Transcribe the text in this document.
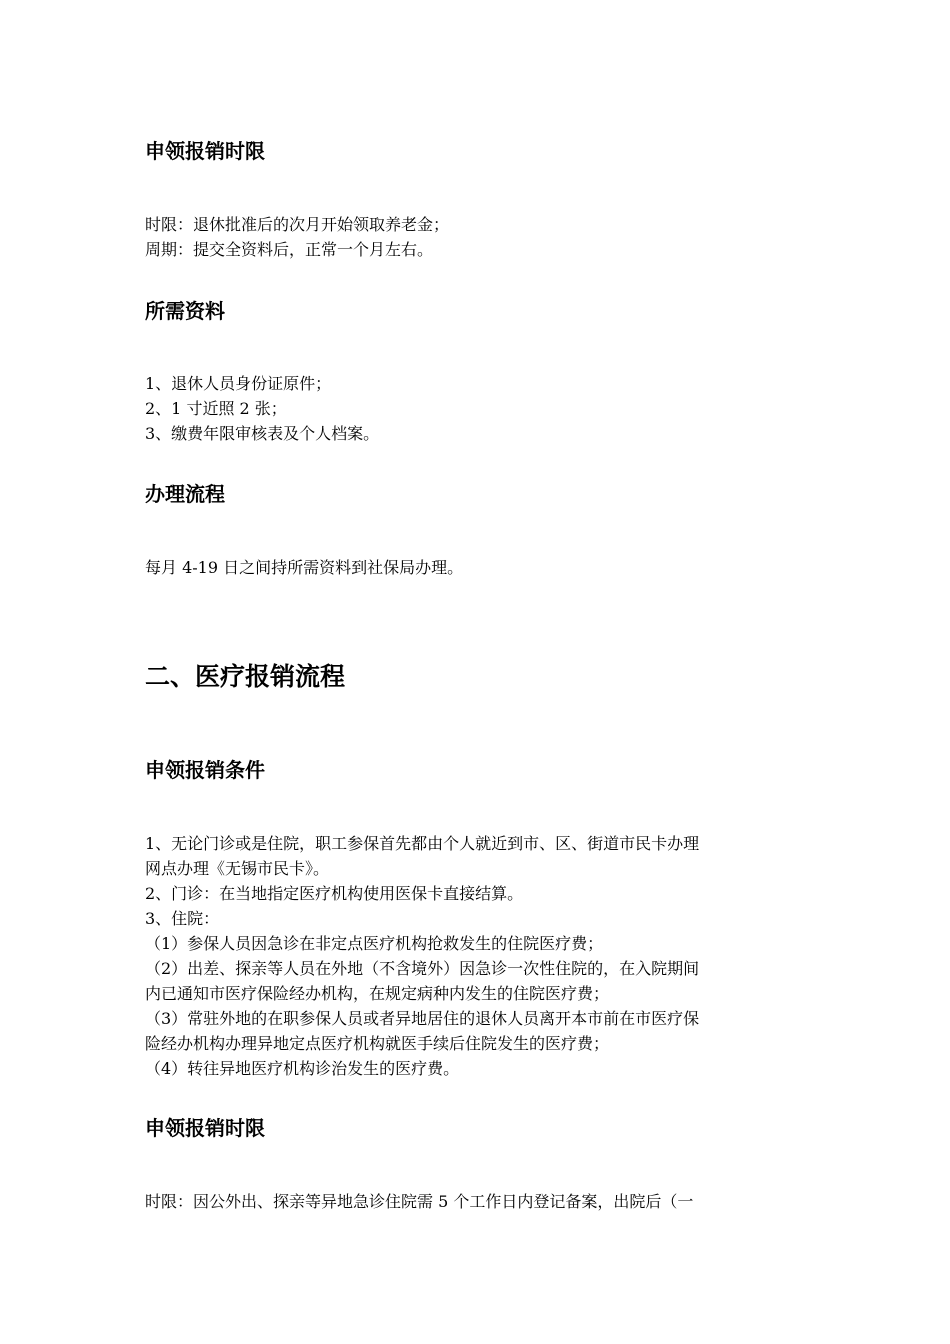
申领报销时限
时限：退休批准后的次月开始领取养老金；
周期：提交全资料后，正常一个月左右。
所需资料
1、退休人员身份证原件；
2、1 寸近照 2 张；
3、缴费年限审核表及个人档案。
办理流程
每月 4-19 日之间持所需资料到社保局办理。
二、医疗报销流程
申领报销条件
1、无论门诊或是住院，职工参保首先都由个人就近到市、区、街道市民卡办理
网点办理《无锡市民卡》。
2、门诊：在当地指定医疗机构使用医保卡直接结算。
3、住院：
（1）参保人员因急诊在非定点医疗机构抢救发生的住院医疗费；
（2）出差、探亲等人员在外地（不含境外）因急诊一次性住院的，在入院期间
内已通知市医疗保险经办机构，在规定病种内发生的住院医疗费；
（3）常驻外地的在职参保人员或者异地居住的退休人员离开本市前在市医疗保
险经办机构办理异地定点医疗机构就医手续后住院发生的医疗费；
（4）转往异地医疗机构诊治发生的医疗费。
申领报销时限
时限：因公外出、探亲等异地急诊住院需 5 个工作日内登记备案，出院后（一
